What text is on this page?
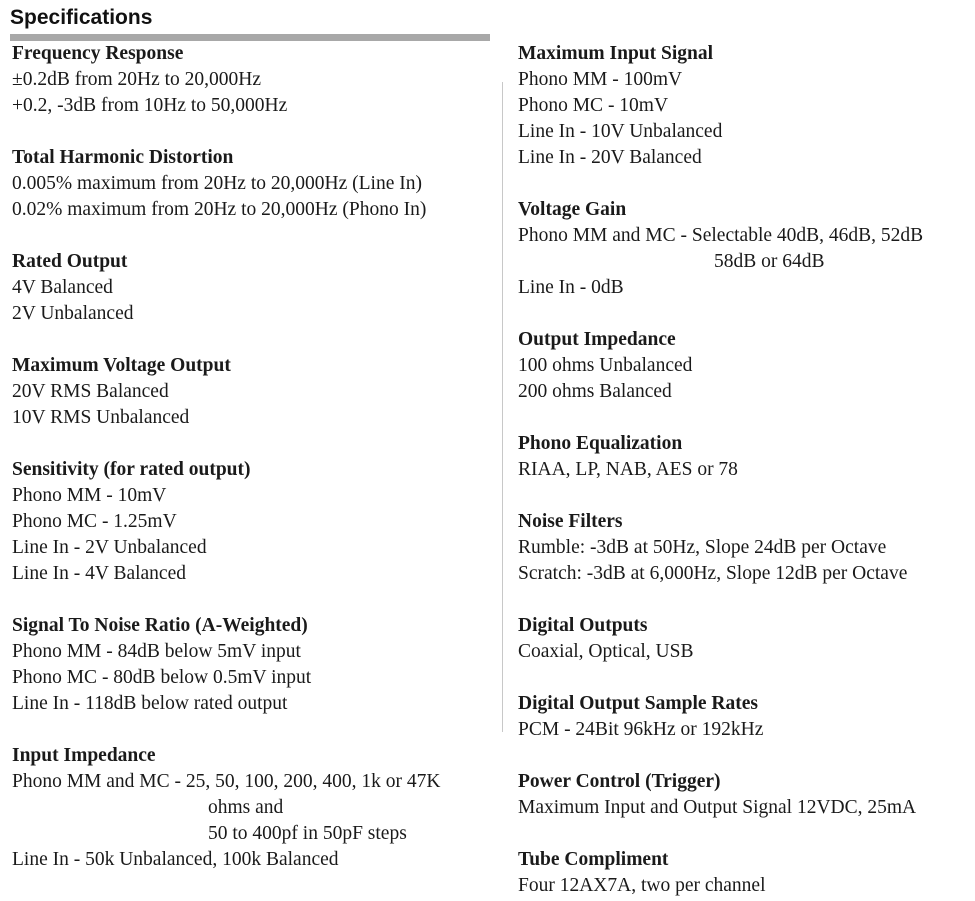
Specifications
Frequency Response
±0.2dB from 20Hz to 20,000Hz
+0.2, -3dB from 10Hz to 50,000Hz
Total Harmonic Distortion
0.005% maximum from 20Hz to 20,000Hz (Line In)
0.02% maximum from 20Hz to 20,000Hz (Phono In)
Rated Output
4V Balanced
2V Unbalanced
Maximum Voltage Output
20V RMS Balanced
10V RMS Unbalanced
Sensitivity (for rated output)
Phono MM - 10mV
Phono MC - 1.25mV
Line In - 2V Unbalanced
Line In - 4V Balanced
Signal To Noise Ratio (A-Weighted)
Phono MM - 84dB below 5mV input
Phono MC - 80dB below 0.5mV input
Line In - 118dB below rated output
Input Impedance
Phono MM and MC - 25, 50, 100, 200, 400, 1k or 47K
ohms and
50 to 400pf in 50pF steps
Line In - 50k Unbalanced, 100k Balanced
Maximum Input Signal
Phono MM - 100mV
Phono MC - 10mV
Line In - 10V Unbalanced
Line In - 20V Balanced
Voltage Gain
Phono MM and MC - Selectable 40dB, 46dB, 52dB
58dB or 64dB
Line In - 0dB
Output Impedance
100 ohms Unbalanced
200 ohms Balanced
Phono Equalization
RIAA, LP, NAB, AES or 78
Noise Filters
Rumble: -3dB at 50Hz, Slope 24dB per Octave
Scratch: -3dB at 6,000Hz, Slope 12dB per Octave
Digital Outputs
Coaxial, Optical, USB
Digital Output Sample Rates
PCM - 24Bit 96kHz or 192kHz
Power Control (Trigger)
Maximum Input and Output Signal 12VDC, 25mA
Tube Compliment
Four 12AX7A, two per channel
